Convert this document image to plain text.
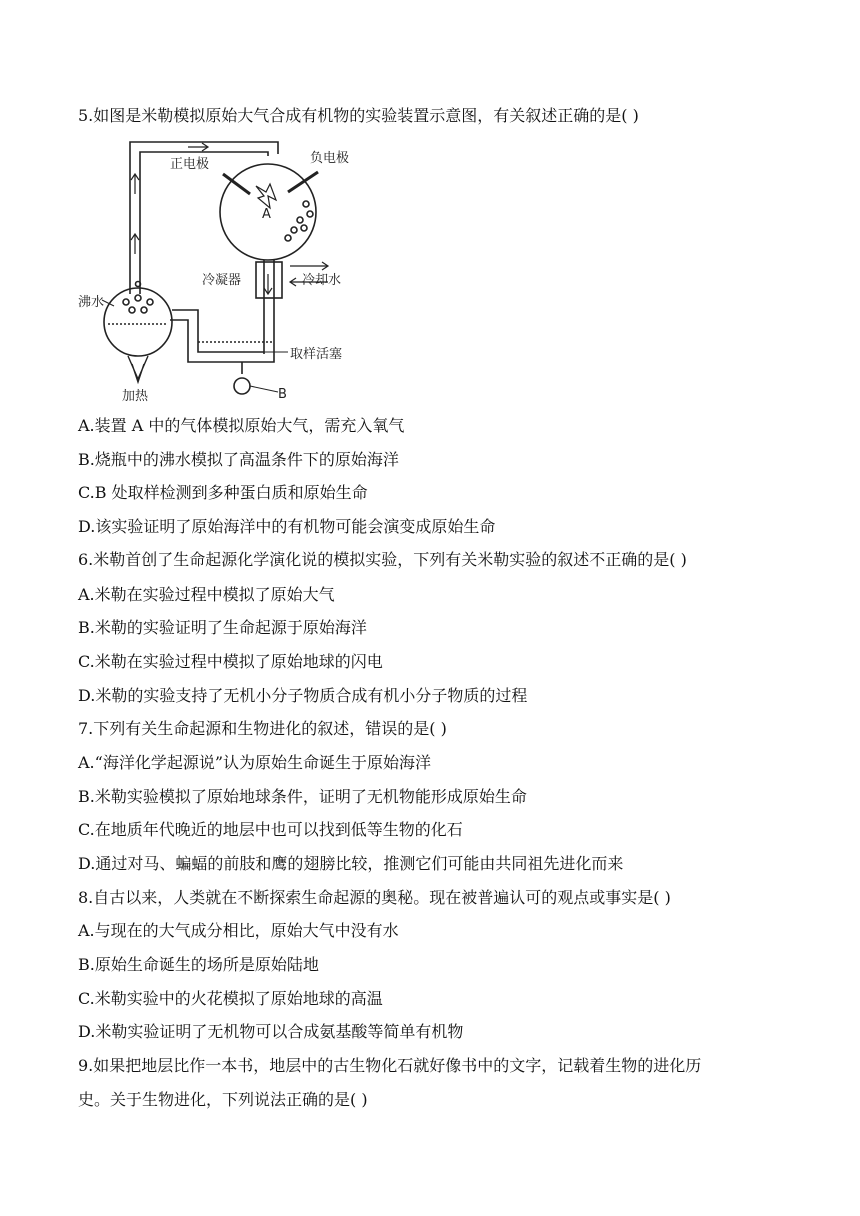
5.如图是米勒模拟原始大气合成有机物的实验装置示意图，有关叙述正确的是( )
正电极	负电极
A
冷凝器	冷却水
沸水
取样活塞
加热	B
A.装置 A 中的气体模拟原始大气，需充入氧气
B.烧瓶中的沸水模拟了高温条件下的原始海洋
C.B 处取样检测到多种蛋白质和原始生命
D.该实验证明了原始海洋中的有机物可能会演变成原始生命
6.米勒首创了生命起源化学演化说的模拟实验，下列有关米勒实验的叙述不正确的是( )
A.米勒在实验过程中模拟了原始大气
B.米勒的实验证明了生命起源于原始海洋
C.米勒在实验过程中模拟了原始地球的闪电
D.米勒的实验支持了无机小分子物质合成有机小分子物质的过程
7.下列有关生命起源和生物进化的叙述，错误的是( )
A.“海洋化学起源说”认为原始生命诞生于原始海洋
B.米勒实验模拟了原始地球条件，证明了无机物能形成原始生命
C.在地质年代晚近的地层中也可以找到低等生物的化石
D.通过对马、蝙蝠的前肢和鹰的翅膀比较，推测它们可能由共同祖先进化而来
8.自古以来，人类就在不断探索生命起源的奥秘。现在被普遍认可的观点或事实是( )
A.与现在的大气成分相比，原始大气中没有水
B.原始生命诞生的场所是原始陆地
C.米勒实验中的火花模拟了原始地球的高温
D.米勒实验证明了无机物可以合成氨基酸等简单有机物
9.如果把地层比作一本书，地层中的古生物化石就好像书中的文字，记载着生物的进化历
史。关于生物进化，下列说法正确的是( )
